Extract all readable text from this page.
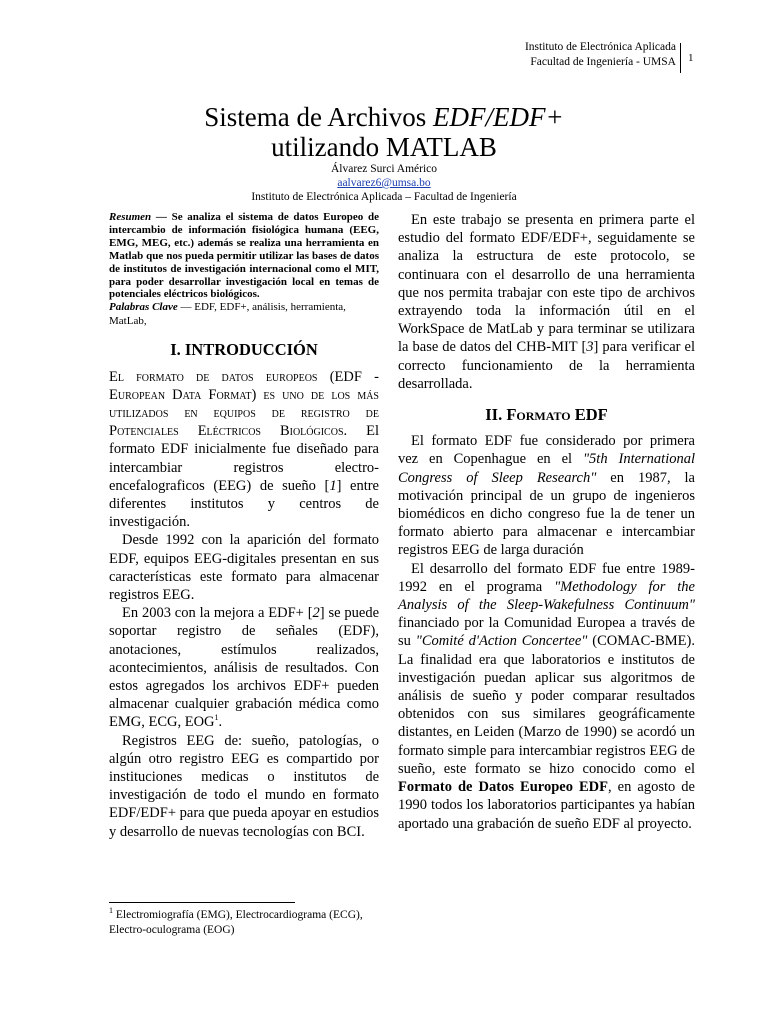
Instituto de Electrónica Aplicada
Facultad de Ingeniería - UMSA 1
Sistema de Archivos EDF/EDF+
utilizando MATLAB
Álvarez Surci Américo
aalvarez6@umsa.bo
Instituto de Electrónica Aplicada – Facultad de Ingeniería

Resumen — Se analiza el sistema de datos Europeo de intercambio de información fisiológica humana (EEG, EMG, MEG, etc.) además se realiza una herramienta en Matlab que nos pueda permitir utilizar las bases de datos de institutos de investigación internacional como el MIT, para poder desarrollar investigación local en temas de potenciales eléctricos biológicos.

Palabras Clave — EDF, EDF+, análisis, herramienta, MatLab,

I. INTRODUCCIÓN

El formato de datos europeos (EDF - European Data Format) es uno de los más utilizados en equipos de registro de Potenciales Eléctricos Biológicos. El formato EDF inicialmente fue diseñado para intercambiar registros electro-encefalograficos (EEG) de sueño [1] entre diferentes institutos y centros de investigación.

Desde 1992 con la aparición del formato EDF, equipos EEG-digitales presentan en sus características este formato para almacenar registros EEG.

En 2003 con la mejora a EDF+ [2] se puede soportar registro de señales (EDF), anotaciones, estímulos realizados, acontecimientos, análisis de resultados. Con estos agregados los archivos EDF+ pueden almacenar cualquier grabación médica como EMG, ECG, EOG$^1$.

Registros EEG de: sueño, patologías, o algún otro registro EEG es compartido por instituciones medicas o institutos de investigación de todo el mundo en formato EDF/EDF+ para que pueda apoyar en estudios y desarrollo de nuevas tecnologías con BCI.

$^1$ Electromiografía (EMG), Electrocardiograma (ECG), Electro-oculograma (EOG)

En este trabajo se presenta en primera parte el estudio del formato EDF/EDF+, seguidamente se analiza la estructura de este protocolo, se continuara con el desarrollo de una herramienta que nos permita trabajar con este tipo de archivos extrayendo toda la información útil en el WorkSpace de MatLab y para terminar se utilizara la base de datos del CHB-MIT [3] para verificar el correcto funcionamiento de la herramienta desarrollada.

II. Formato EDF

El formato EDF fue considerado por primera vez en Copenhague en el "5th International Congress of Sleep Research" en 1987, la motivación principal de un grupo de ingenieros biomédicos en dicho congreso fue la de tener un formato abierto para almacenar e intercambiar registros EEG de larga duración

El desarrollo del formato EDF fue entre 1989-1992 en el programa "Methodology for the Analysis of the Sleep-Wakefulness Continuum" financiado por la Comunidad Europea a través de su "Comité d'Action Concertee" (COMAC-BME). La finalidad era que laboratorios e institutos de investigación puedan aplicar sus algoritmos de análisis de sueño y poder comparar resultados obtenidos con sus similares geográficamente distantes, en Leiden (Marzo de 1990) se acordó un formato simple para intercambiar registros EEG de sueño, este formato se hizo conocido como el Formato de Datos Europeo EDF, en agosto de 1990 todos los laboratorios participantes ya habían aportado una grabación de sueño EDF al proyecto.
